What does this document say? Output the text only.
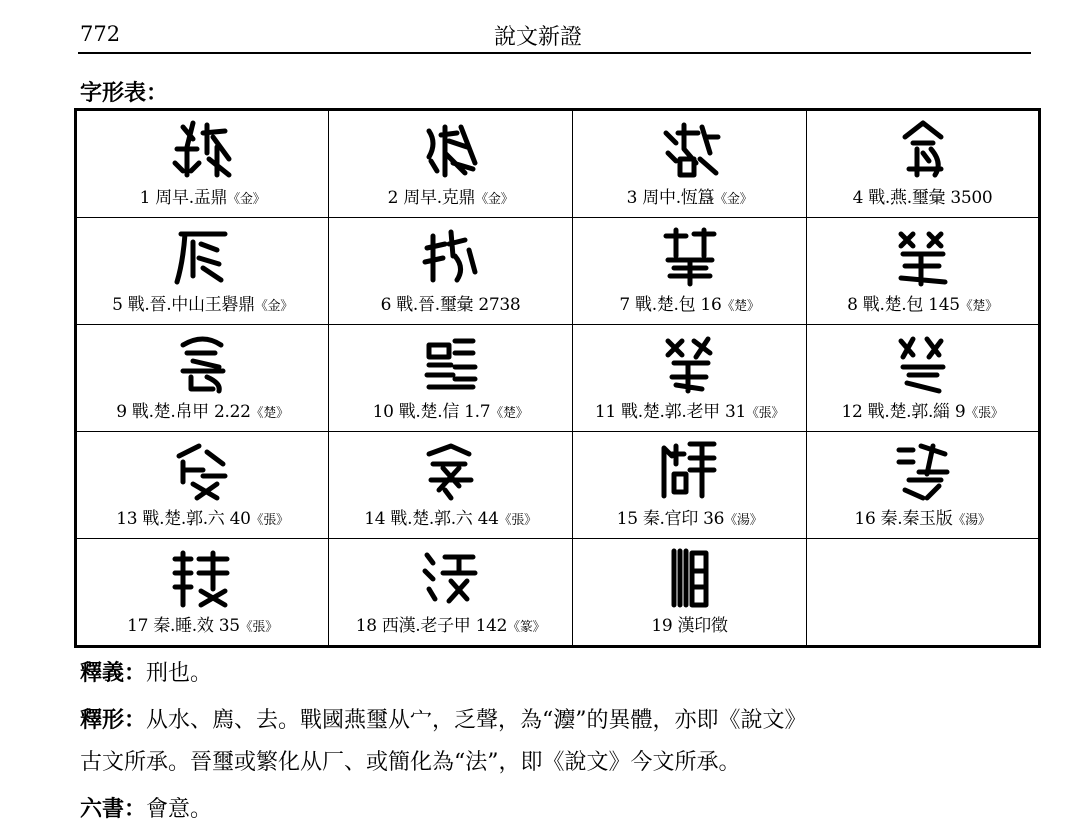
772	說文新證
字形表：
1 周早.盂鼎《金》	2 周早.克鼎《金》	3 周中.恆簋《金》	4 戰.燕.璽彙 3500

5 戰.晉.中山王礜鼎《金》	6 戰.晉.璽彙 2738	7 戰.楚.包 16《楚》	8 戰.楚.包 145《楚》

9 戰.楚.帛甲 2.22《楚》	10 戰.楚.信 1.7《楚》	11 戰.楚.郭.老甲 31《張》	12 戰.楚.郭.緇 9《張》

13 戰.楚.郭.六 40《張》	14 戰.楚.郭.六 44《張》	15 秦.官印 36《湯》	16 秦.秦玉版《湯》

17 秦.睡.效 35《張》	18 西漢.老子甲 142《篆》	19 漢印徵	

釋義：刑也。
釋形：从水、廌、去。戰國燕璽从宀，乏聲，為“灋”的異體，亦即《說文》
古文所承。晉璽或繁化从厂、或簡化為“法”，即《說文》今文所承。
六書：會意。
